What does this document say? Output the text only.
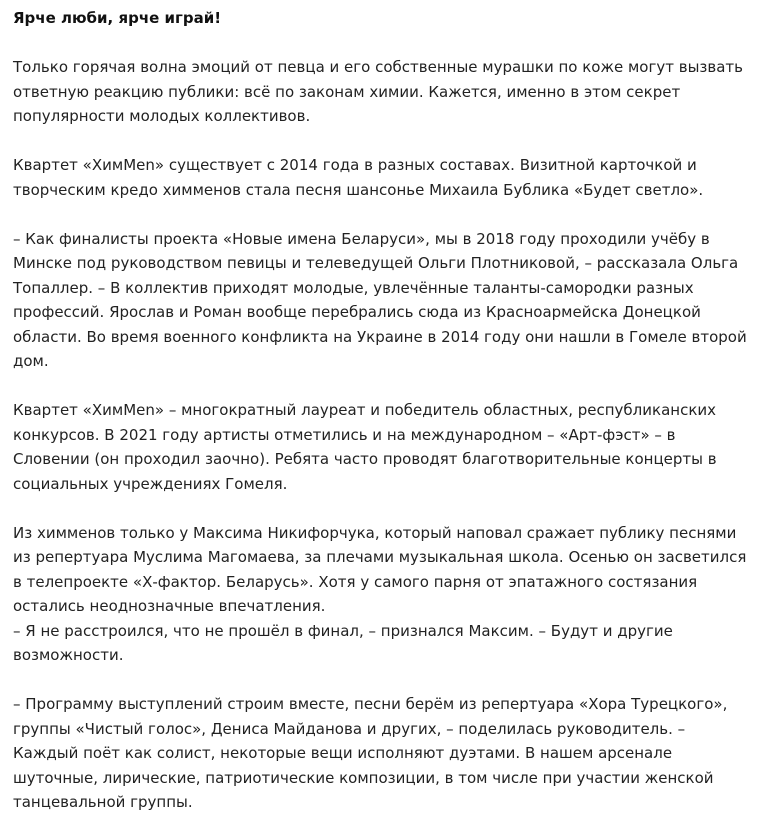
Ярче люби, ярче играй!

Только горячая волна эмоций от певца и его собственные мурашки по коже могут вызвать ответную реакцию публики: всё по законам химии. Кажется, именно в этом секрет популярности молодых коллективов.

Квартет «ХимMen» существует с 2014 года в разных составах. Визитной карточкой и творческим кредо химменов стала песня шансонье Михаила Бублика «Будет светло».

– Как финалисты проекта «Новые имена Беларуси», мы в 2018 году проходили учёбу в Минске под руководством певицы и телеведущей Ольги Плотниковой, – рассказала Ольга Топаллер. – В коллектив приходят молодые, увлечённые таланты-самородки разных профессий. Ярослав и Роман вообще перебрались сюда из Красноармейска Донецкой области. Во время военного конфликта на Украине в 2014 году они нашли в Гомеле второй дом.

Квартет «ХимMen» – многократный лауреат и победитель областных, республиканских конкурсов. В 2021 году артисты отметились и на международном – «Арт-фэст» – в Словении (он проходил заочно). Ребята часто проводят благотворительные концерты в социальных учреждениях Гомеля.

Из химменов только у Максима Никифорчука, который наповал сражает публику песнями из репертуара Муслима Магомаева, за плечами музыкальная школа. Осенью он засветился в телепроекте «Х-фактор. Беларусь». Хотя у самого парня от эпатажного состязания остались неоднозначные впечатления.

– Я не расстроился, что не прошёл в финал, – признался Максим. – Будут и другие возможности.

– Программу выступлений строим вместе, песни берём из репертуара «Хора Турецкого», группы «Чистый голос», Дениса Майданова и других, – поделилась руководитель. – Каждый поёт как солист, некоторые вещи исполняют дуэтами. В нашем арсенале шуточные, лирические, патриотические композиции, в том числе при участии женской танцевальной группы.
